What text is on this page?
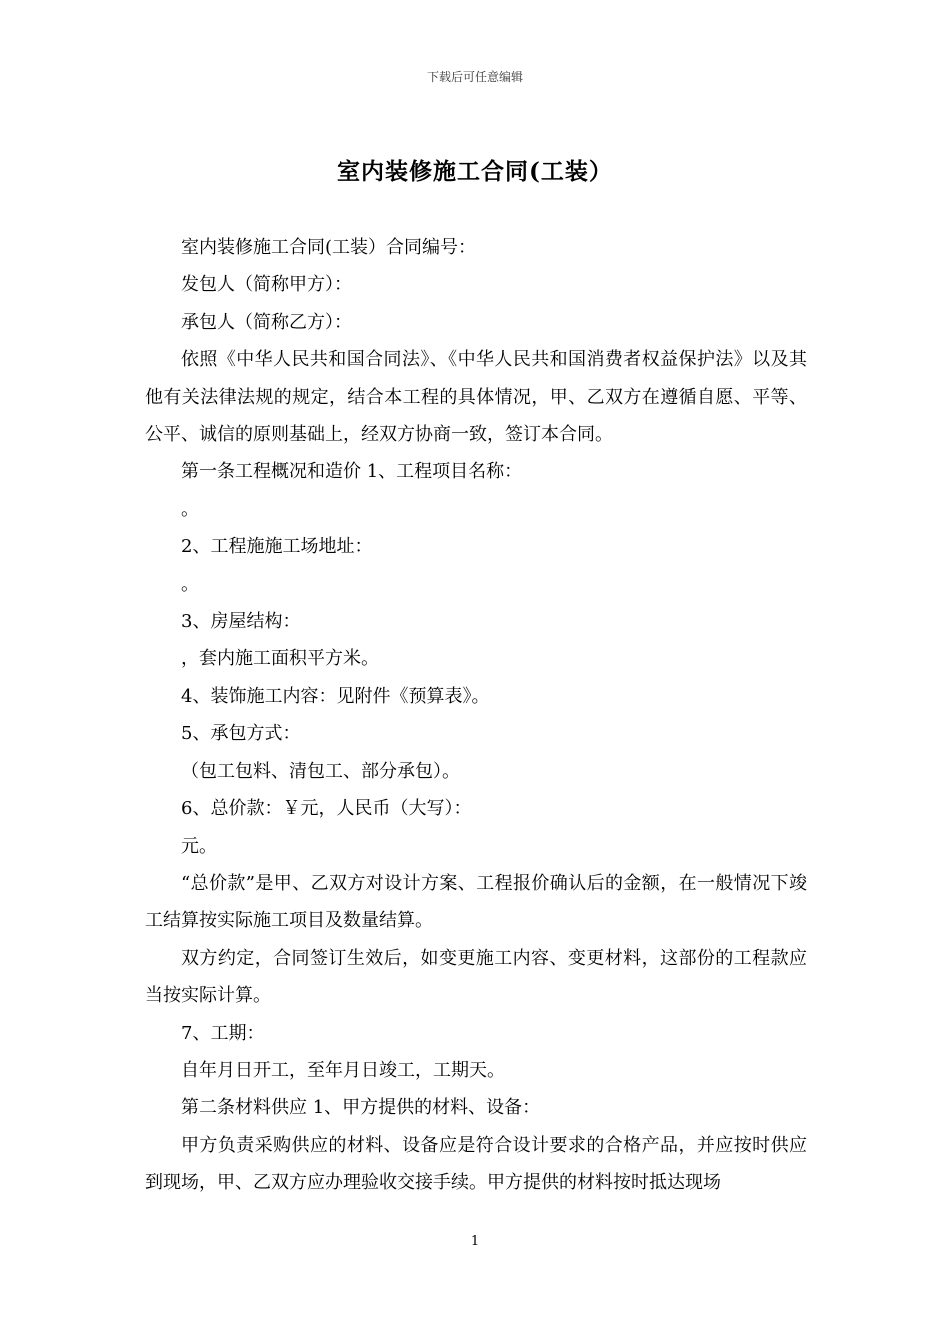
下载后可任意编辑
室内装修施工合同(工装）

室内装修施工合同(工装）合同编号：

发包人（简称甲方）：

承包人（简称乙方）：

依照《中华人民共和国合同法》、《中华人民共和国消费者权益保护法》以及其他有关法律法规的规定，结合本工程的具体情况，甲、乙双方在遵循自愿、平等、公平、诚信的原则基础上，经双方协商一致，签订本合同。

第一条工程概况和造价 1、工程项目名称：

。

2、工程施施工场地址：

。

3、房屋结构：

，套内施工面积平方米。

4、装饰施工内容：见附件《预算表》。

5、承包方式：

（包工包料、清包工、部分承包）。

6、总价款：￥元，人民币（大写）：

元。

“总价款”是甲、乙双方对设计方案、工程报价确认后的金额，在一般情况下竣工结算按实际施工项目及数量结算。

双方约定，合同签订生效后，如变更施工内容、变更材料，这部份的工程款应当按实际计算。

7、工期：

自年月日开工，至年月日竣工，工期天。

第二条材料供应 1、甲方提供的材料、设备：

甲方负责采购供应的材料、设备应是符合设计要求的合格产品，并应按时供应到现场，甲、乙双方应办理验收交接手续。甲方提供的材料按时抵达现场

1
